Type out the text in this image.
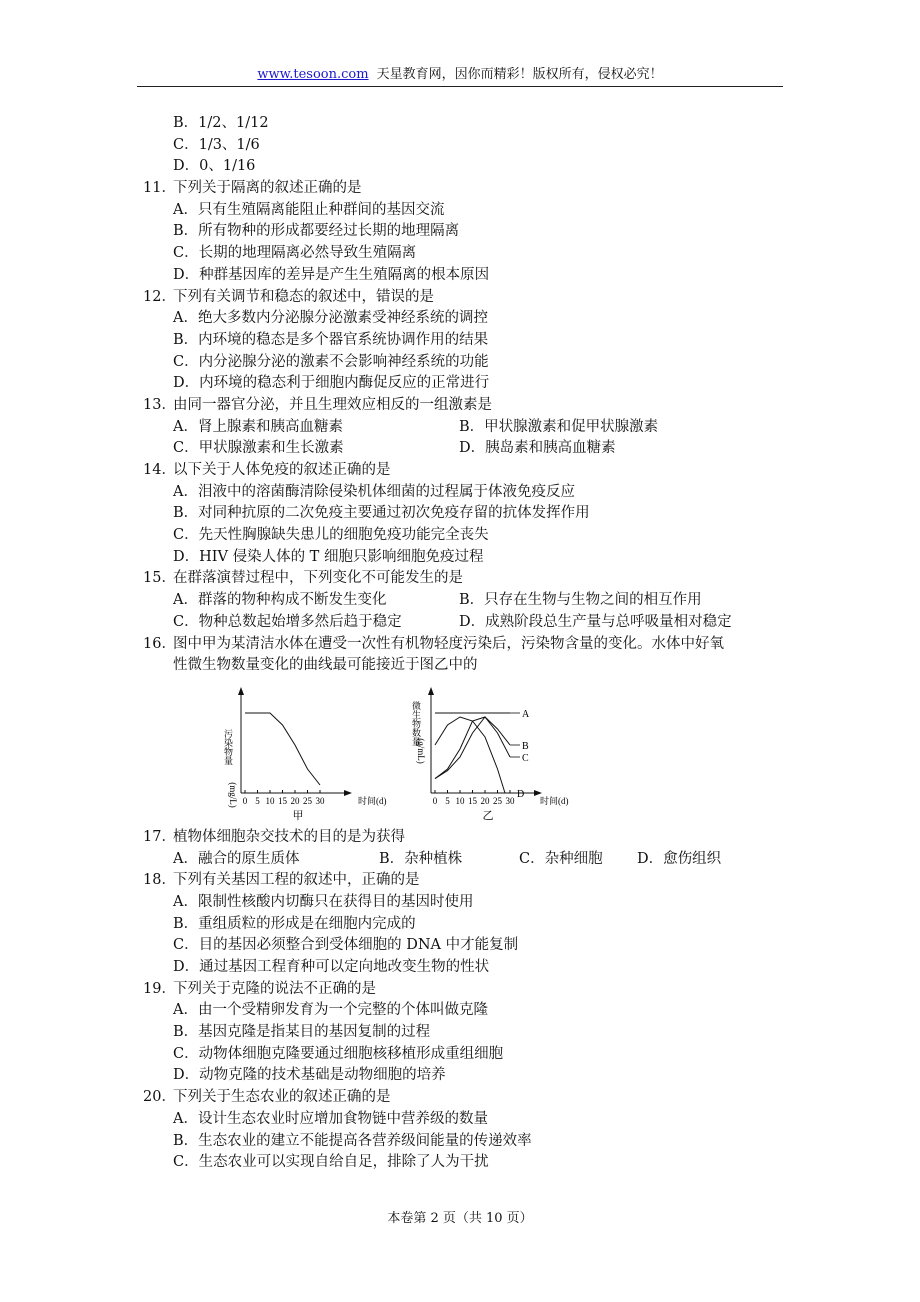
www.tesoon.com 天星教育网，因你而精彩！版权所有，侵权必究！
B．1/2、1/12
C．1/3、1/6
D．0、1/16
11．下列关于隔离的叙述正确的是
A．只有生殖隔离能阻止种群间的基因交流
B．所有物种的形成都要经过长期的地理隔离
C．长期的地理隔离必然导致生殖隔离
D．种群基因库的差异是产生生殖隔离的根本原因
12．下列有关调节和稳态的叙述中，错误的是
A．绝大多数内分泌腺分泌激素受神经系统的调控
B．内环境的稳态是多个器官系统协调作用的结果
C．内分泌腺分泌的激素不会影响神经系统的功能
D．内环境的稳态利于细胞内酶促反应的正常进行
13．由同一器官分泌，并且生理效应相反的一组激素是
A．肾上腺素和胰高血糖素	B．甲状腺激素和促甲状腺激素
C．甲状腺激素和生长激素	D．胰岛素和胰高血糖素
14．以下关于人体免疫的叙述正确的是
A．泪液中的溶菌酶清除侵染机体细菌的过程属于体液免疫反应
B．对同种抗原的二次免疫主要通过初次免疫存留的抗体发挥作用
C．先天性胸腺缺失患儿的细胞免疫功能完全丧失
D．HIV 侵染人体的 T 细胞只影响细胞免疫过程
15．在群落演替过程中，下列变化不可能发生的是
A．群落的物种构成不断发生变化	B．只存在生物与生物之间的相互作用
C．物种总数起始增多然后趋于稳定	D．成熟阶段总生产量与总呼吸量相对稳定
16．图中甲为某清洁水体在遭受一次性有机物轻度污染后，污染物含量的变化。水体中好氧
性微生物数量变化的曲线最可能接近于图乙中的
污染物量
(mg/L) 0 5 10 15 20 25 30	时间(d)
甲
微生物数量
(g/mL)
0 5 10 15 20 25 30
A
B
C
D
时间(d)
乙
17．植物体细胞杂交技术的目的是为获得
A．融合的原生质体	B．杂种植株	C．杂种细胞	D．愈伤组织
18．下列有关基因工程的叙述中，正确的是
A．限制性核酸内切酶只在获得目的基因时使用
B．重组质粒的形成是在细胞内完成的
C．目的基因必须整合到受体细胞的 DNA 中才能复制
D．通过基因工程育种可以定向地改变生物的性状
19．下列关于克隆的说法不正确的是
A．由一个受精卵发育为一个完整的个体叫做克隆
B．基因克隆是指某目的基因复制的过程
C．动物体细胞克隆要通过细胞核移植形成重组细胞
D．动物克隆的技术基础是动物细胞的培养
20．下列关于生态农业的叙述正确的是
A．设计生态农业时应增加食物链中营养级的数量
B．生态农业的建立不能提高各营养级间能量的传递效率
C．生态农业可以实现自给自足，排除了人为干扰
本卷第 2 页（共 10 页）
